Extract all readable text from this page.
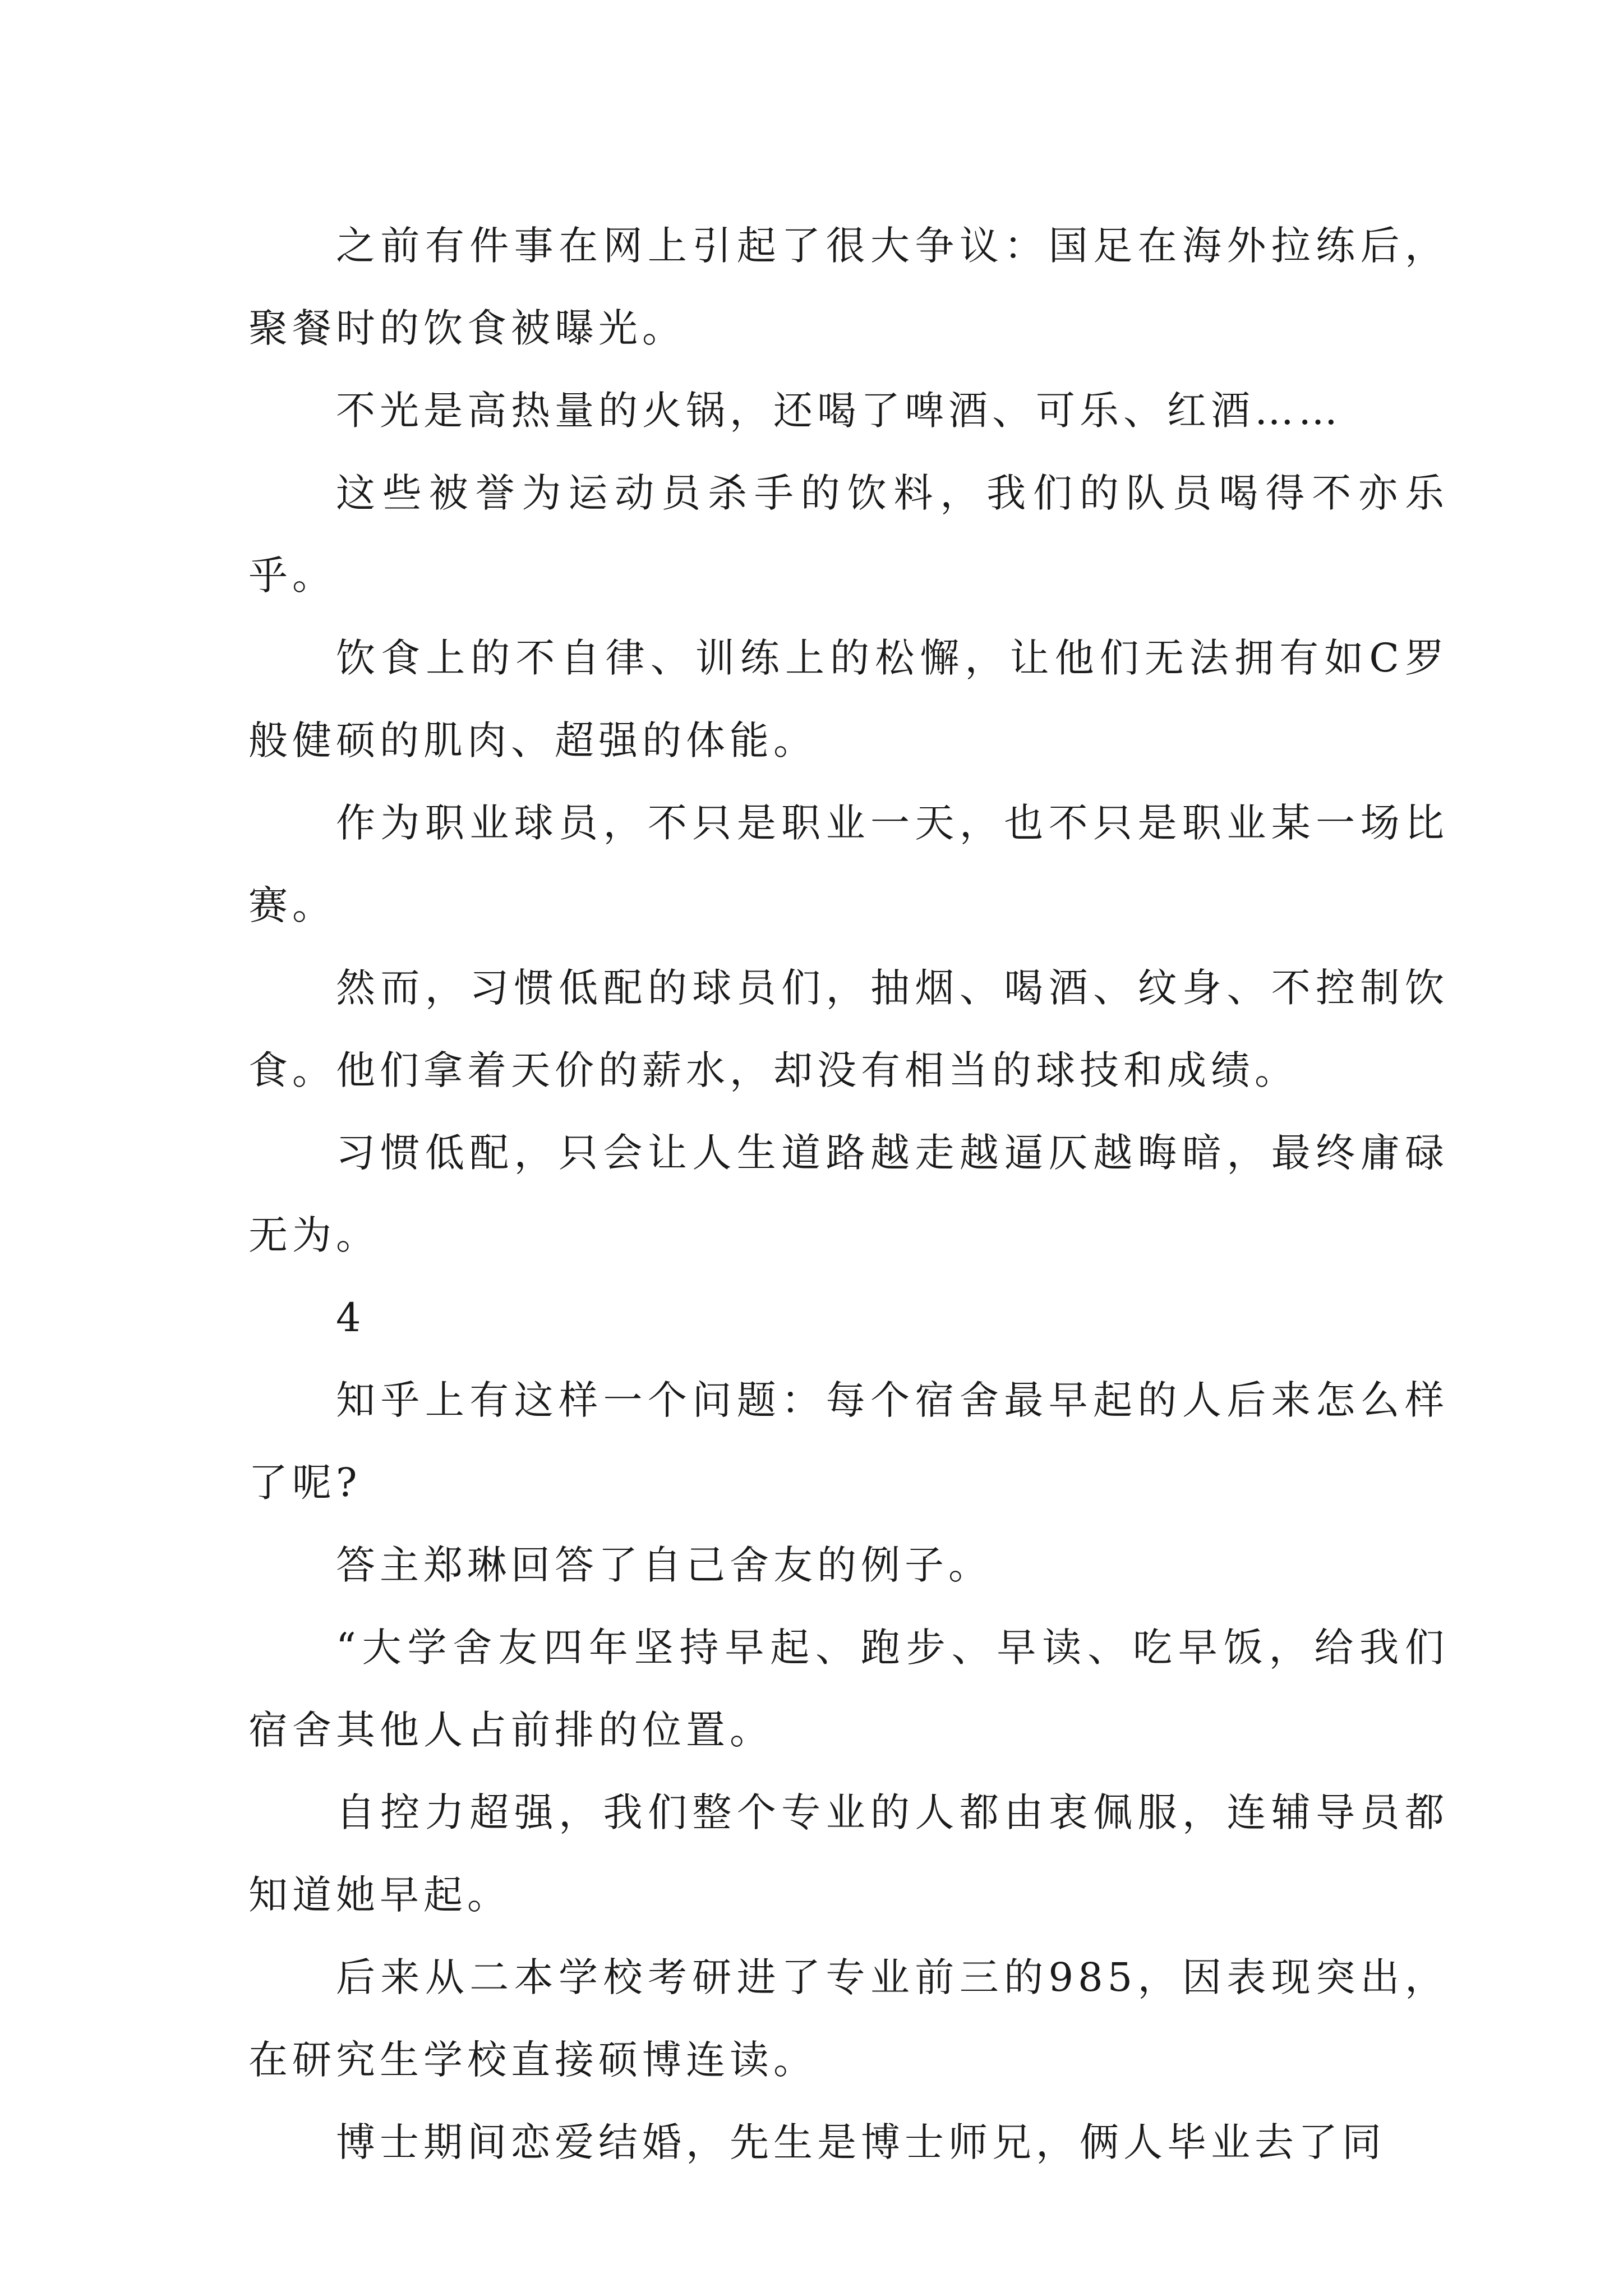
之前有件事在网上引起了很大争议：国足在海外拉练后，聚餐时的饮食被曝光。

不光是高热量的火锅，还喝了啤酒、可乐、红酒……

这些被誉为运动员杀手的饮料，我们的队员喝得不亦乐乎。

饮食上的不自律、训练上的松懈，让他们无法拥有如C罗般健硕的肌肉、超强的体能。

作为职业球员，不只是职业一天，也不只是职业某一场比赛。

然而，习惯低配的球员们，抽烟、喝酒、纹身、不控制饮食。他们拿着天价的薪水，却没有相当的球技和成绩。

习惯低配，只会让人生道路越走越逼仄越晦暗，最终庸碌无为。

4

知乎上有这样一个问题：每个宿舍最早起的人后来怎么样了呢?

答主郑琳回答了自己舍友的例子。

“大学舍友四年坚持早起、跑步、早读、吃早饭，给我们宿舍其他人占前排的位置。

自控力超强，我们整个专业的人都由衷佩服，连辅导员都知道她早起。

后来从二本学校考研进了专业前三的985，因表现突出，在研究生学校直接硕博连读。

博士期间恋爱结婚，先生是博士师兄，俩人毕业去了同
